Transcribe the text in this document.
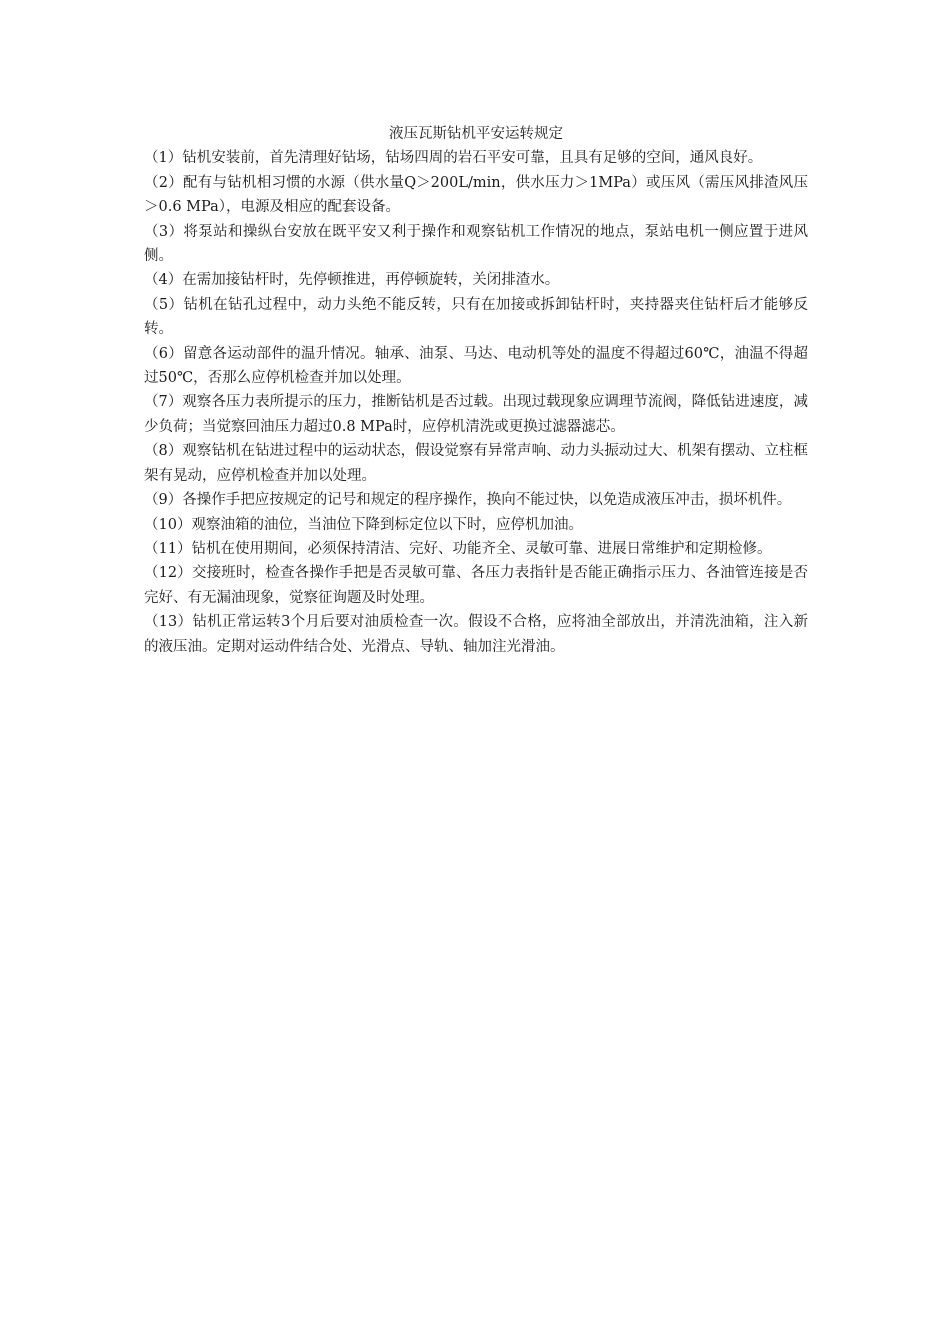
液压瓦斯钻机平安运转规定

（1）钻机安装前，首先清理好钻场，钻场四周的岩石平安可靠，且具有足够的空间，通风良好。

（2）配有与钻机相习惯的水源（供水量Q＞200L/min，供水压力＞1MPa）或压风（需压风排渣风压＞0.6 MPa），电源及相应的配套设备。

（3）将泵站和操纵台安放在既平安又利于操作和观察钻机工作情况的地点，泵站电机一侧应置于进风侧。

（4）在需加接钻杆时，先停顿推进，再停顿旋转，关闭排渣水。

（5）钻机在钻孔过程中，动力头绝不能反转，只有在加接或拆卸钻杆时，夹持器夹住钻杆后才能够反转。

（6）留意各运动部件的温升情况。轴承、油泵、马达、电动机等处的温度不得超过60℃，油温不得超过50℃，否那么应停机检查并加以处理。

（7）观察各压力表所提示的压力，推断钻机是否过载。出现过载现象应调理节流阀，降低钻进速度，减少负荷；当觉察回油压力超过0.8 MPa时，应停机清洗或更换过滤器滤芯。

（8）观察钻机在钻进过程中的运动状态，假设觉察有异常声响、动力头振动过大、机架有摆动、立柱框架有晃动，应停机检查并加以处理。

（9）各操作手把应按规定的记号和规定的程序操作，换向不能过快，以免造成液压冲击，损坏机件。

（10）观察油箱的油位，当油位下降到标定位以下时，应停机加油。

（11）钻机在使用期间，必须保持清洁、完好、功能齐全、灵敏可靠、进展日常维护和定期检修。

（12）交接班时，检查各操作手把是否灵敏可靠、各压力表指针是否能正确指示压力、各油管连接是否完好、有无漏油现象，觉察征询题及时处理。

（13）钻机正常运转3个月后要对油质检查一次。假设不合格，应将油全部放出，并清洗油箱，注入新的液压油。定期对运动件结合处、光滑点、导轨、轴加注光滑油。
